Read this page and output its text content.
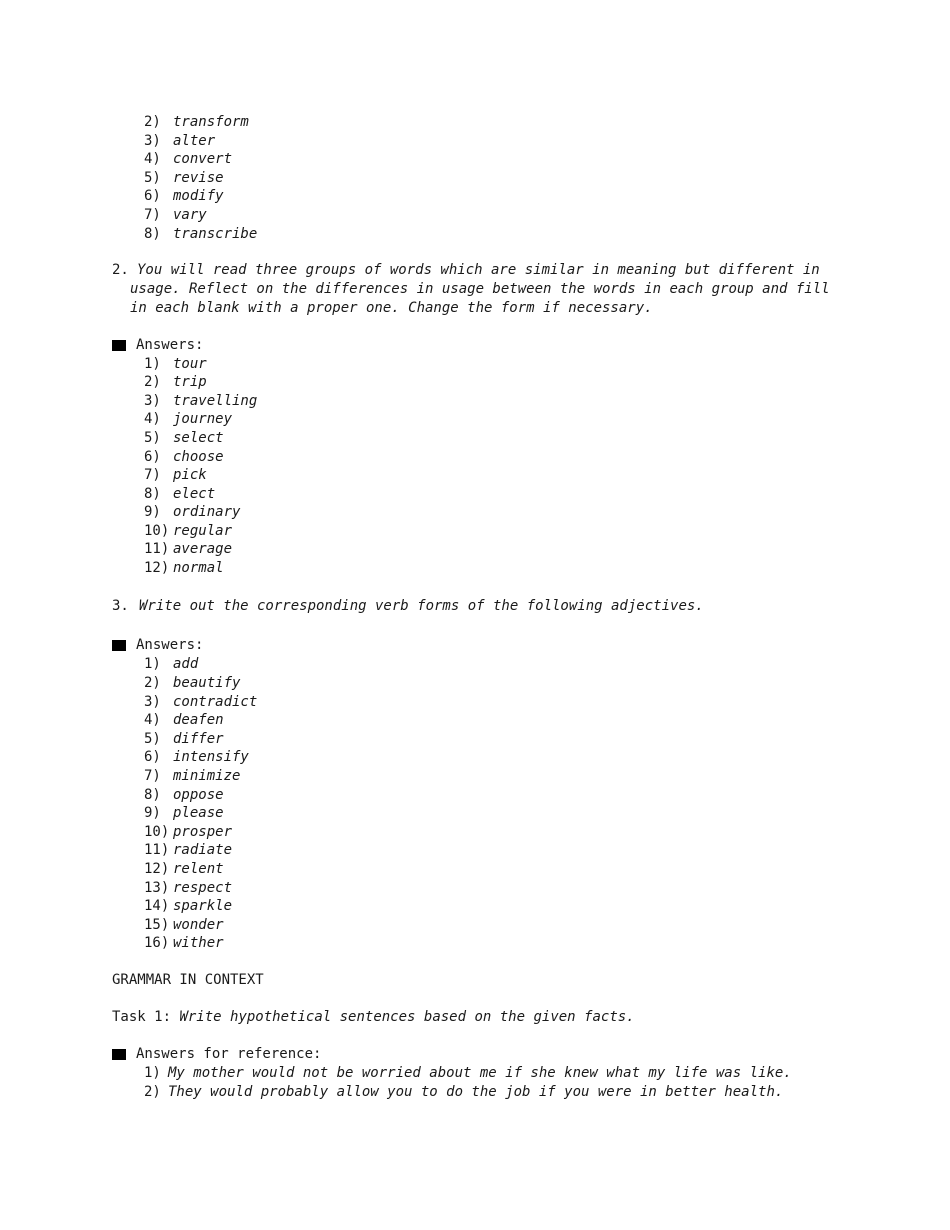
2) transform
3) alter
4) convert
5) revise
6) modify
7) vary
8) transcribe
2. You will read three groups of words which are similar in meaning but different in usage. Reflect on the differences in usage between the words in each group and fill in each blank with a proper one. Change the form if necessary.
Answers:
1) tour
2) trip
3) travelling
4) journey
5) select
6) choose
7) pick
8) elect
9) ordinary
10) regular
11) average
12) normal
3. Write out the corresponding verb forms of the following adjectives.
Answers:
1) add
2) beautify
3) contradict
4) deafen
5) differ
6) intensify
7) minimize
8) oppose
9) please
10) prosper
11) radiate
12) relent
13) respect
14) sparkle
15) wonder
16) wither
GRAMMAR IN CONTEXT
Task 1: Write hypothetical sentences based on the given facts.
Answers for reference:
1) My mother would not be worried about me if she knew what my life was like.
2) They would probably allow you to do the job if you were in better health.
